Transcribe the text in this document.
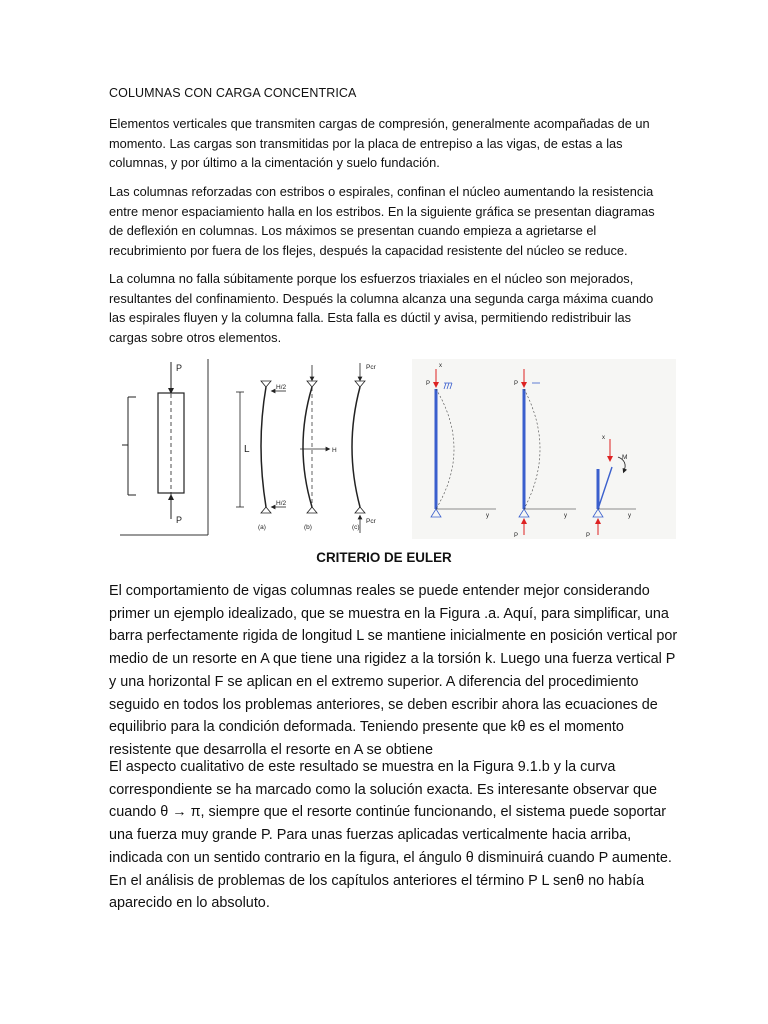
COLUMNAS CON CARGA CONCENTRICA

Elementos verticales que transmiten cargas de compresión, generalmente acompañadas de un momento. Las cargas son transmitidas por la placa de entrepiso a las vigas, de estas a las columnas, y por último a la cimentación y suelo fundación.

Las columnas reforzadas con estribos o espirales, confinan el núcleo aumentando la resistencia entre menor espaciamiento halla en los estribos. En la siguiente gráfica se presentan diagramas de deflexión en columnas. Los máximos se presentan cuando empieza a agrietarse el recubrimiento por fuera de los flejes, después la capacidad resistente del núcleo se reduce.

La columna no falla súbitamente porque los esfuerzos triaxiales en el núcleo son mejorados, resultantes del confinamiento. Después la columna alcanza una segunda carga máxima cuando las espirales fluyen y la columna falla. Esta falla es dúctil y avisa, permitiendo redistribuir las cargas sobre otros elementos.

P
P
L
H/2
H/2
(a)
H
(b)
Pcr
Pcr
(c)
P
x
y
P
P
y
M
x
P
y
CRITERIO DE EULER

El comportamiento de vigas columnas reales se puede entender mejor considerando primer un ejemplo idealizado, que se muestra en la Figura .a. Aquí, para simplificar, una barra perfectamente rigida de longitud L se mantiene inicialmente en posición vertical por medio de un resorte en A que tiene una rigidez a la torsión k. Luego una fuerza vertical P y una horizontal F se aplican en el extremo superior. A diferencia del procedimiento seguido en todos los problemas anteriores, se deben escribir ahora las ecuaciones de equilibrio para la condición deformada. Teniendo presente que kθ es el momento resistente que desarrolla el resorte en A se obtiene

El aspecto cualitativo de este resultado se muestra en la Figura 9.1.b y la curva correspondiente se ha marcado como la solución exacta. Es interesante observar que cuando θ → π, siempre que el resorte continúe funcionando, el sistema puede soportar una fuerza muy grande P. Para unas fuerzas aplicadas verticalmente hacia arriba, indicada con un sentido contrario en la figura, el ángulo θ disminuirá cuando P aumente. En el análisis de problemas de los capítulos anteriores el término P L senθ no había aparecido en lo absoluto.
